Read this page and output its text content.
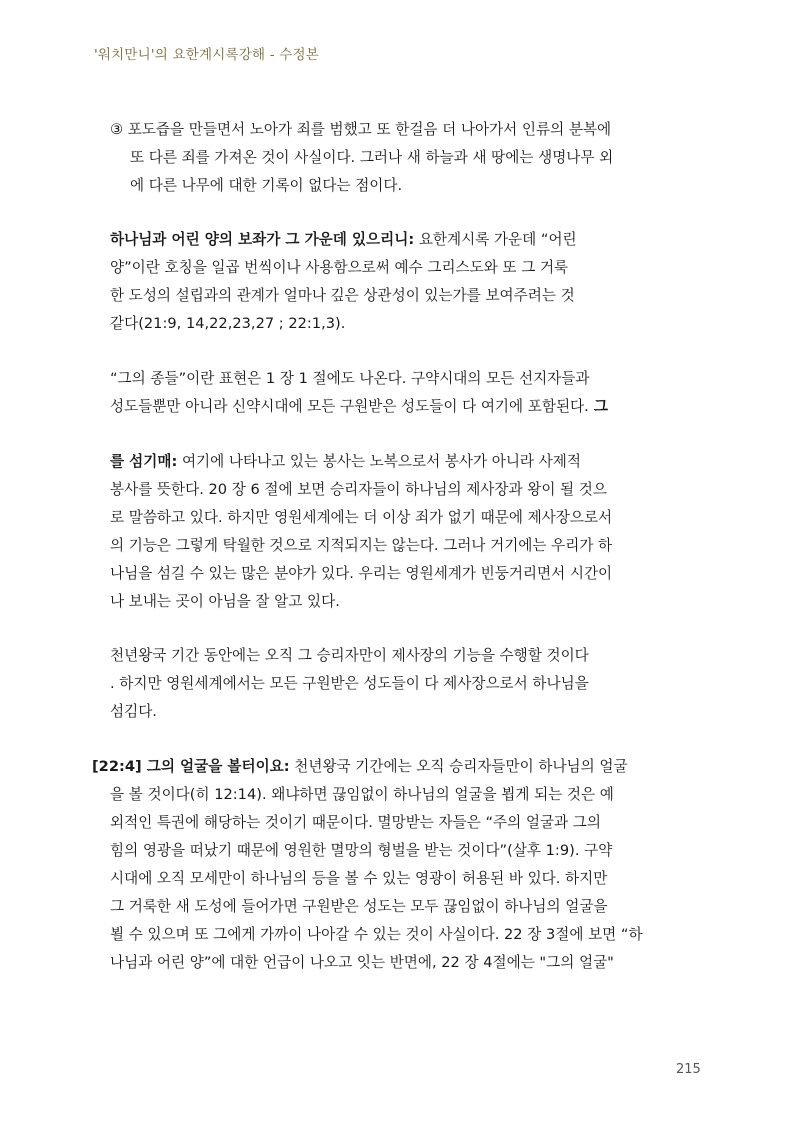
'워치만니'의 요한계시록강해 - 수정본
③ 포도즙을 만들면서 노아가 죄를 범했고 또 한걸음 더 나아가서 인류의 분복에
또 다른 죄를 가져온 것이 사실이다. 그러나 새 하늘과 새 땅에는 생명나무 외
에 다른 나무에 대한 기록이 없다는 점이다.
하나님과 어린 양의 보좌가 그 가운데 있으리니: 요한계시록 가운데 “어린
양”이란 호칭을 일곱 번씩이나 사용함으로써 예수 그리스도와 또 그 거룩
한 도성의 설립과의 관계가 얼마나 깊은 상관성이 있는가를 보여주려는 것
같다(21:9, 14,22,23,27 ; 22:1,3).
“그의 종들”이란 표현은 1 장 1 절에도 나온다. 구약시대의 모든 선지자들과
성도들뿐만 아니라 신약시대에 모든 구원받은 성도들이 다 여기에 포함된다. 그
를 섬기매: 여기에 나타나고 있는 봉사는 노복으로서 봉사가 아니라 사제적
봉사를 뜻한다. 20 장 6 절에 보면 승리자들이 하나님의 제사장과 왕이 될 것으
로 말씀하고 있다. 하지만 영원세계에는 더 이상 죄가 없기 때문에 제사장으로서
의 기능은 그렇게 탁월한 것으로 지적되지는 않는다. 그러나 거기에는 우리가 하
나님을 섬길 수 있는 많은 분야가 있다. 우리는 영원세계가 빈둥거리면서 시간이
나 보내는 곳이 아님을 잘 알고 있다.
천년왕국 기간 동안에는 오직 그 승리자만이 제사장의 기능을 수행할 것이다
. 하지만 영원세계에서는 모든 구원받은 성도들이 다 제사장으로서 하나님을
섬김다.
[22:4] 그의 얼굴을 볼터이요: 천년왕국 기간에는 오직 승리자들만이 하나님의 얼굴
을 볼 것이다(히 12:14). 왜냐하면 끊임없이 하나님의 얼굴을 뵙게 되는 것은 예
외적인 특권에 해당하는 것이기 때문이다. 멸망받는 자들은 “주의 얼굴과 그의
힘의 영광을 떠났기 때문에 영원한 멸망의 형벌을 받는 것이다”(살후 1:9). 구약
시대에 오직 모세만이 하나님의 등을 볼 수 있는 영광이 허용된 바 있다. 하지만
그 거룩한 새 도성에 들어가면 구원받은 성도는 모두 끊임없이 하나님의 얼굴을
뵐 수 있으며 또 그에게 가까이 나아갈 수 있는 것이 사실이다. 22 장 3절에 보면 “하
나님과 어린 양”에 대한 언급이 나오고 잇는 반면에, 22 장 4절에는 "그의 얼굴"
215
